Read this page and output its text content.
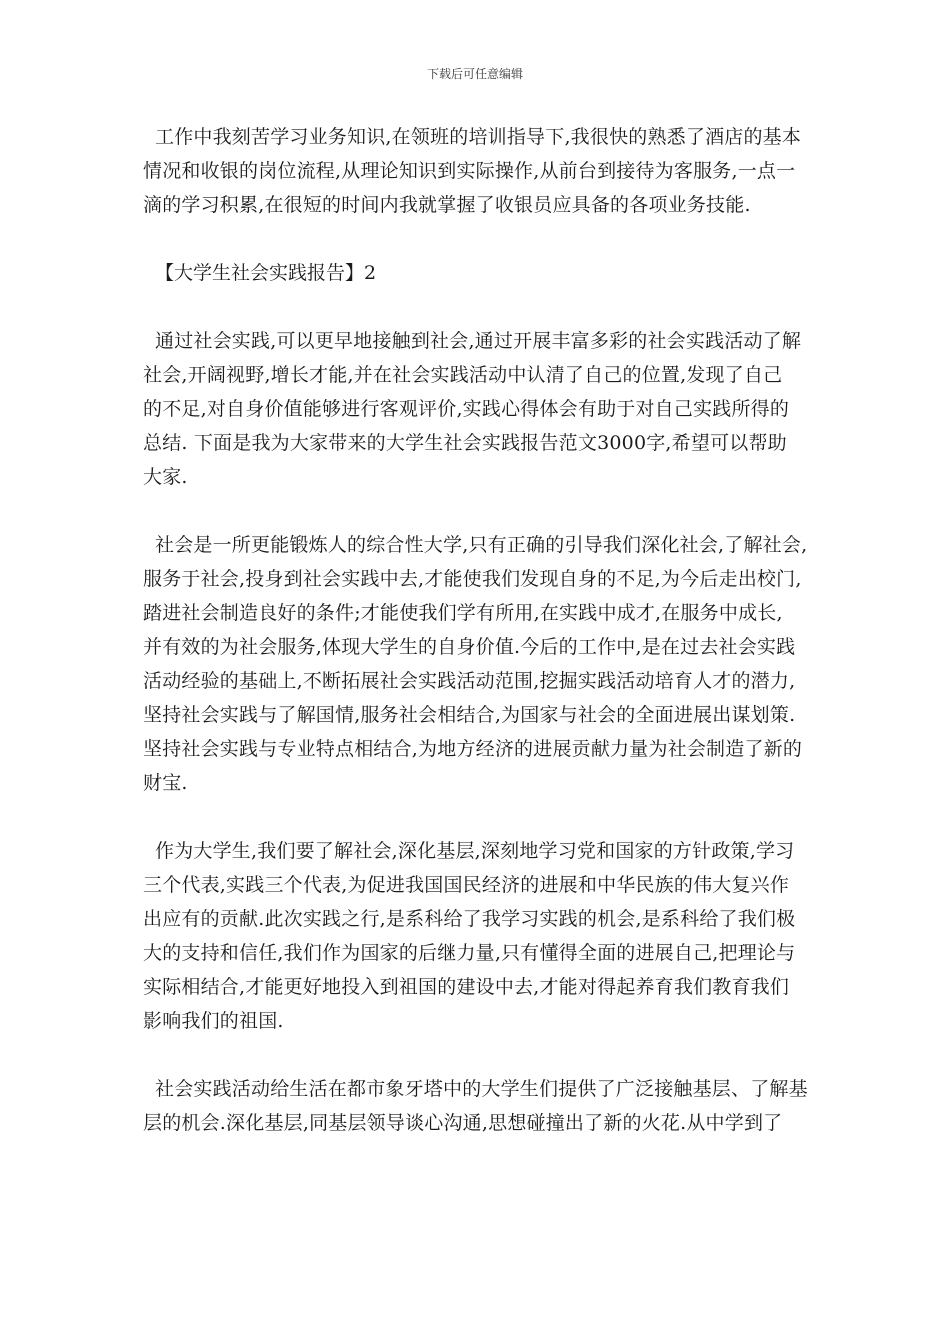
下载后可任意编辑

工作中我刻苦学习业务知识,在领班的培训指导下,我很快的熟悉了酒店的基本
情况和收银的岗位流程,从理论知识到实际操作,从前台到接待为客服务,一点一
滴的学习积累,在很短的时间内我就掌握了收银员应具备的各项业务技能.

【大学生社会实践报告】2

通过社会实践,可以更早地接触到社会,通过开展丰富多彩的社会实践活动了解
社会,开阔视野,增长才能,并在社会实践活动中认清了自己的位置,发现了自己
的不足,对自身价值能够进行客观评价,实践心得体会有助于对自己实践所得的
总结. 下面是我为大家带来的大学生社会实践报告范文3000字,希望可以帮助
大家.

社会是一所更能锻炼人的综合性大学,只有正确的引导我们深化社会,了解社会,
服务于社会,投身到社会实践中去,才能使我们发现自身的不足,为今后走出校门,
踏进社会制造良好的条件;才能使我们学有所用,在实践中成才,在服务中成长,
并有效的为社会服务,体现大学生的自身价值.今后的工作中,是在过去社会实践
活动经验的基础上,不断拓展社会实践活动范围,挖掘实践活动培育人才的潜力,
坚持社会实践与了解国情,服务社会相结合,为国家与社会的全面进展出谋划策.
坚持社会实践与专业特点相结合,为地方经济的进展贡献力量为社会制造了新的
财宝.

作为大学生,我们要了解社会,深化基层,深刻地学习党和国家的方针政策,学习
三个代表,实践三个代表,为促进我国国民经济的进展和中华民族的伟大复兴作
出应有的贡献.此次实践之行,是系科给了我学习实践的机会,是系科给了我们极
大的支持和信任,我们作为国家的后继力量,只有懂得全面的进展自己,把理论与
实际相结合,才能更好地投入到祖国的建设中去,才能对得起养育我们教育我们
影响我们的祖国.

社会实践活动给生活在都市象牙塔中的大学生们提供了广泛接触基层、了解基
层的机会.深化基层,同基层领导谈心沟通,思想碰撞出了新的火花.从中学到了
